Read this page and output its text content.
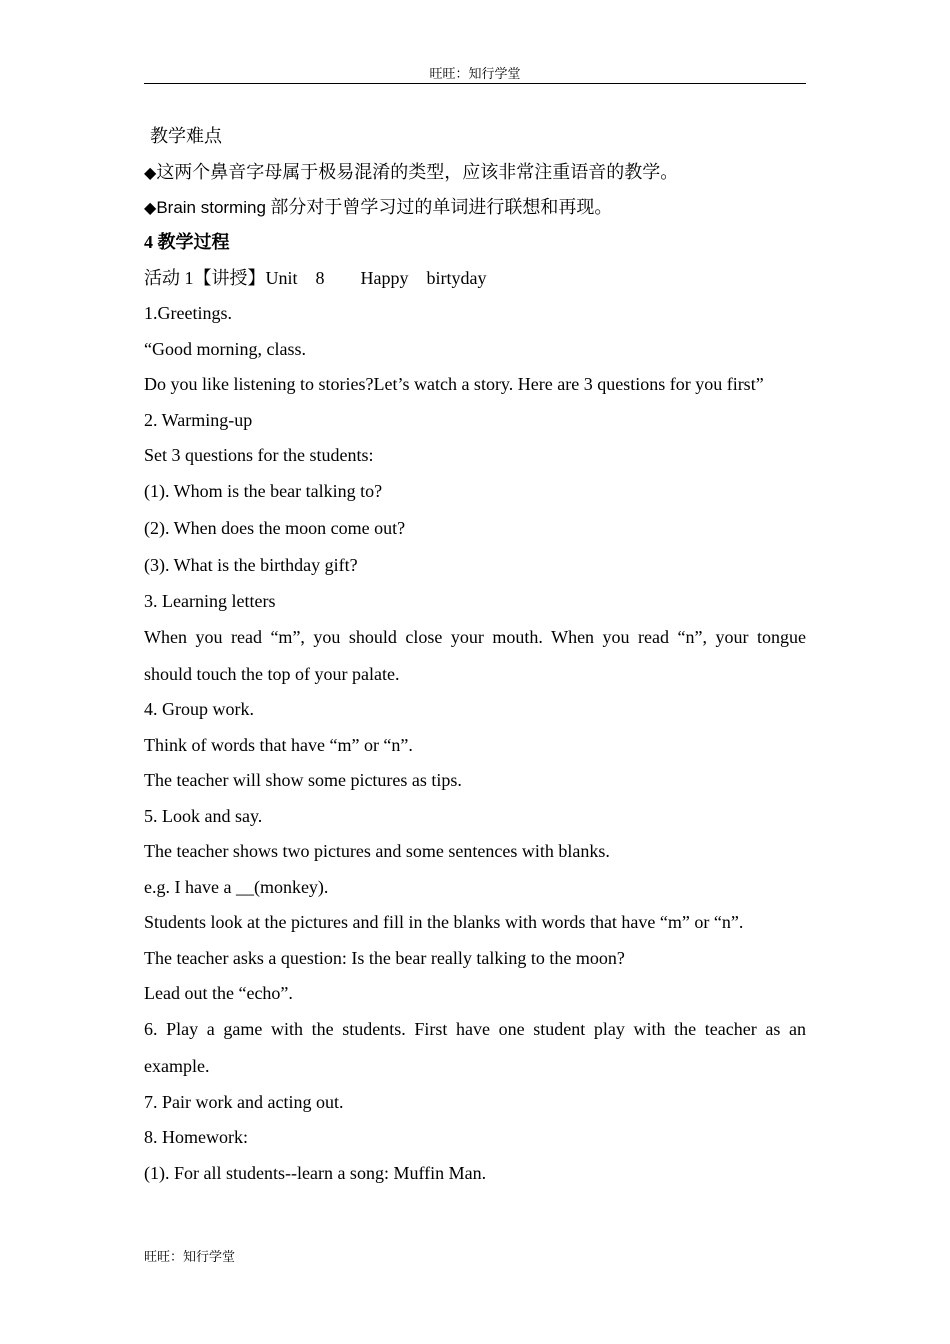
旺旺：知行学堂
教学难点
◆这两个鼻音字母属于极易混淆的类型，应该非常注重语音的教学。
◆Brain storming 部分对于曾学习过的单词进行联想和再现。
4 教学过程
活动 1【讲授】Unit    8        Happy    birtyday
1.Greetings.
“Good morning, class.
Do you like listening to stories?Let’s watch a story. Here are 3 questions for you first”
2. Warming-up
Set 3 questions for the students:
(1). Whom is the bear talking to?
(2). When does the moon come out?
(3). What is the birthday gift?
3. Learning letters
When you read “m”, you should close your mouth. When you read “n”, your tongue
should touch the top of your palate.
4. Group work.
Think of words that have “m” or “n”.
The teacher will show some pictures as tips.
5. Look and say.
The teacher shows two pictures and some sentences with blanks.
e.g. I have a __(monkey).
Students look at the pictures and fill in the blanks with words that have “m” or “n”.
The teacher asks a question: Is the bear really talking to the moon?
Lead out the “echo”.
6. Play a game with the students. First have one student play with the teacher as an
example.
7. Pair work and acting out.
8. Homework:
(1). For all students--learn a song: Muffin Man.
旺旺：知行学堂
